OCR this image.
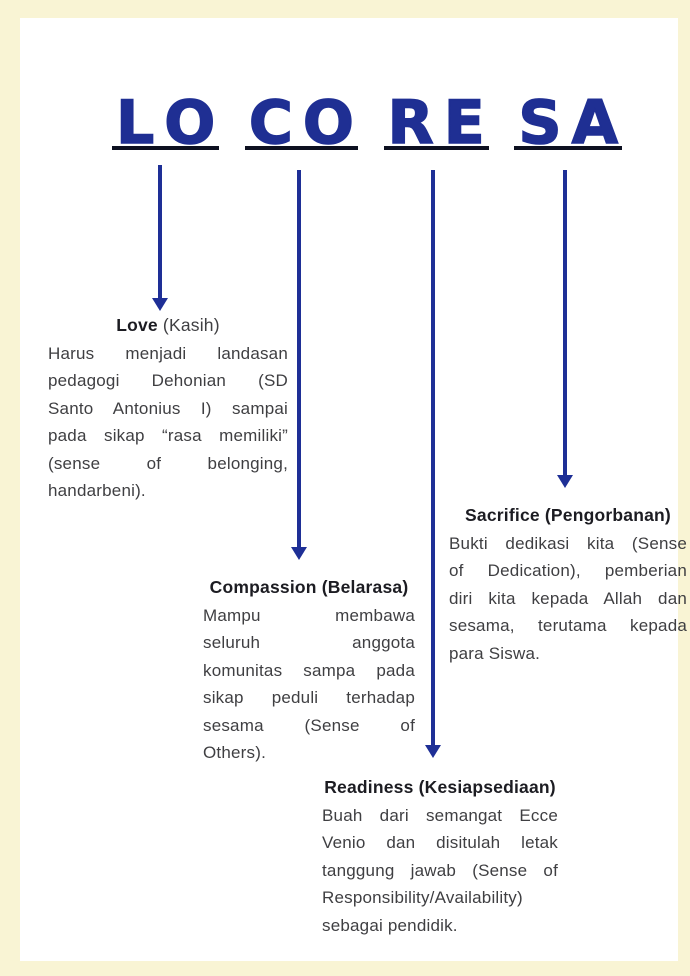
L O C O R E S A
Love (Kasih)
Harus menjadi landasan
pedagogi Dehonian (SD
Santo Antonius I) sampai
pada sikap “rasa memiliki”
(sense of belonging,
handarbeni).
Sacrifice (Pengorbanan)
Bukti dedikasi kita (Sense
of Dedication), pemberian
diri kita kepada Allah dan
sesama, terutama kepada
para Siswa.
Compassion (Belarasa)
Mampu membawa
seluruh anggota
komunitas sampa pada
sikap peduli terhadap
sesama (Sense of
Others).
Readiness (Kesiapsediaan)
Buah dari semangat Ecce
Venio dan disitulah letak
tanggung jawab (Sense of
Responsibility/Availability)
sebagai pendidik.
